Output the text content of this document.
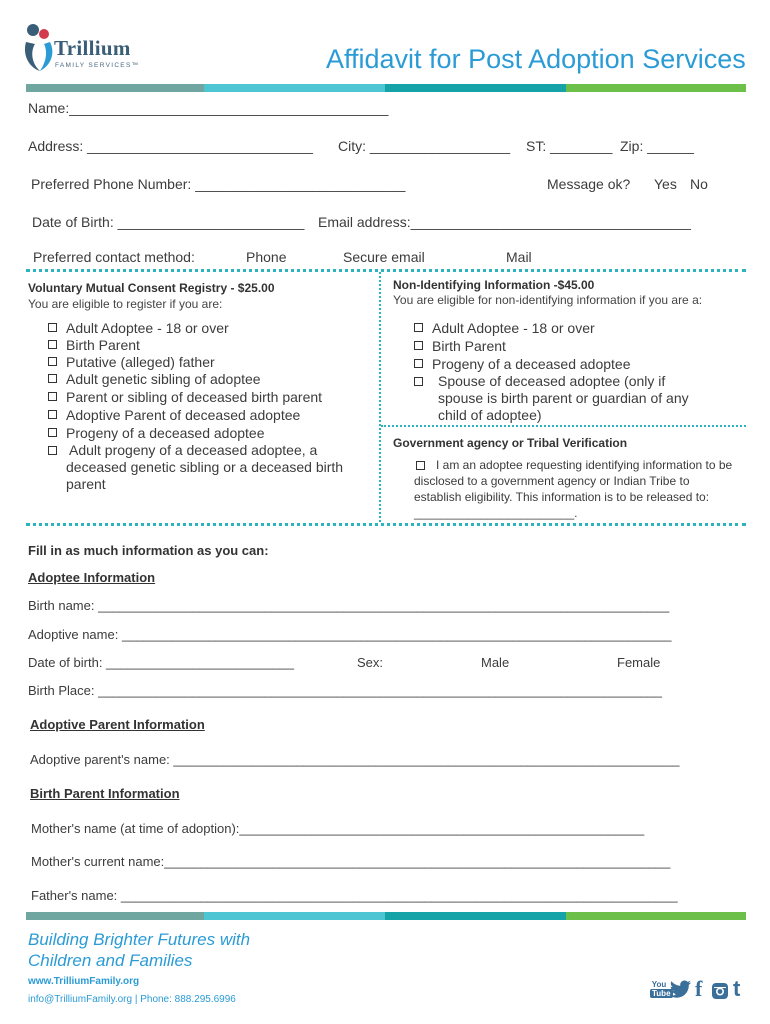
Trillium
FAMILY SERVICES™	Affidavit for Post Adoption Services
Name:_________________________________________
Address: _____________________________ City: __________________ ST: ________ Zip: ______
Preferred Phone Number: ___________________________	Message ok? Yes No
Date of Birth: ________________________ Email address:____________________________________
Preferred contact method:	Phone	Secure email	Mail
Voluntary Mutual Consent Registry - $25.00
You are eligible to register if you are:
Adult Adoptee - 18 or over
Birth Parent
Putative (alleged) father
Adult genetic sibling of adoptee
Parent or sibling of deceased birth parent
Adoptive Parent of deceased adoptee
Progeny of a deceased adoptee
Adult progeny of a deceased adoptee, a deceased genetic sibling or a deceased birth parent
Non-Identifying Information -$45.00
You are eligible for non-identifying information if you are a:
Adult Adoptee - 18 or over
Birth Parent
Progeny of a deceased adoptee
Spouse of deceased adoptee (only if spouse is birth parent or guardian of any child of adoptee)
Government agency or Tribal Verification
I am an adoptee requesting identifying information to be disclosed to a government agency or Indian Tribe to establish eligibility. This information is to be released to: ________________________.
Fill in as much information as you can:
Adoptee Information
Birth name: _______________________________________________________________________________
Adoptive name: ____________________________________________________________________________
Date of birth: __________________________	Sex:	Male	Female
Birth Place: ______________________________________________________________________________
Adoptive Parent Information
Adoptive parent's name: ______________________________________________________________________
Birth Parent Information
Mother's name (at time of adoption):________________________________________________________
Mother's current name:______________________________________________________________________
Father's name: _____________________________________________________________________________
Building Brighter Futures with
Children and Families
www.TrilliumFamily.org
info@TrilliumFamily.org | Phone: 888.295.6996
You
Tube f t
